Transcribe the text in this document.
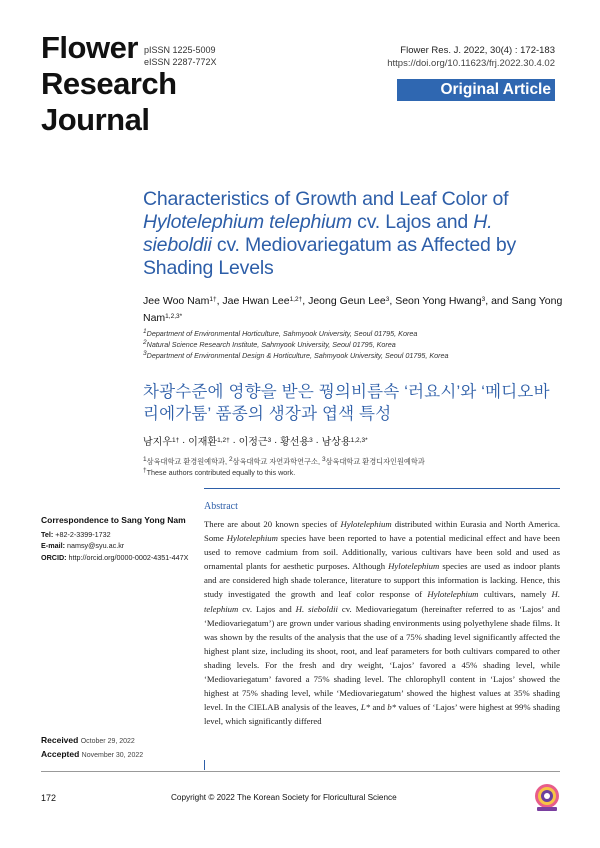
Flower
Research
Journal
pISSN 1225-5009
eISSN 2287-772X
Flower Res. J. 2022, 30(4) : 172-183
https://doi.org/10.11623/frj.2022.30.4.02
Original Article
Characteristics of Growth and Leaf Color of Hylotelephium telephium cv. Lajos and H. sieboldii cv. Mediovariegatum as Affected by Shading Levels
Jee Woo Nam$^{1\dagger}$, Jae Hwan Lee$^{1,2\dagger}$, Jeong Geun Lee$^3$, Seon Yong Hwang$^3$, and Sang Yong Nam$^{1,2,3*}$
$^1$Department of Environmental Horticulture, Sahmyook University, Seoul 01795, Korea
$^2$Natural Science Research Institute, Sahmyook University, Seoul 01795, Korea
$^3$Department of Environmental Design & Horticulture, Sahmyook University, Seoul 01795, Korea
차광수준에 영향을 받은 꿩의비름속 ‘러요시’와 ‘메디오바리에가툼’ 품종의 생장과 엽색 특성
남지우$^{1\dagger}$ · 이재환$^{1,2\dagger}$ · 이정근$^3$ · 황선용$^3$ · 남상용$^{1,2,3*}$
$^1$삼육대학교 환경원예학과, $^2$삼육대학교 자연과학연구소, $^3$삼육대학교 환경디자인원예학과
†These authors contributed equally to this work.
Correspondence to Sang Yong Nam
Tel: +82-2-3399-1732
E-mail: namsy@syu.ac.kr
ORCID: http://orcid.org/0000-0002-4351-447X
Received October 29, 2022
Accepted November 30, 2022
Abstract
There are about 20 known species of Hylotelephium distributed within Eurasia and North America. Some Hylotelephium species have been reported to have a potential medicinal effect and have been used to remove cadmium from soil. Additionally, various cultivars have been sold and used as ornamental plants for aesthetic purposes. Although Hylotelephium species are used as indoor plants and are considered high shade tolerance, literature to support this information is lacking. Hence, this study investigated the growth and leaf color response of Hylotelephium cultivars, namely H. telephium cv. Lajos and H. sieboldii cv. Mediovariegatum (hereinafter referred to as ‘Lajos’ and ‘Mediovariegatum’) are grown under various shading environments using polyethylene shade films. It was shown by the results of the analysis that the use of a 75% shading level significantly affected the highest plant size, including its shoot, root, and leaf parameters for both cultivars compared to other shading levels. For the fresh and dry weight, ‘Lajos’ favored a 45% shading level, while ‘Mediovariegatum’ favored a 75% shading level. The chlorophyll content in ‘Lajos’ showed the highest at 75% shading level, while ‘Mediovariegatum’ showed the highest values at 35% shading level. In the CIELAB analysis of the leaves, L* and b* values of ‘Lajos’ were highest at 99% shading level, which significantly differed
172	Copyright © 2022 The Korean Society for Floricultural Science
